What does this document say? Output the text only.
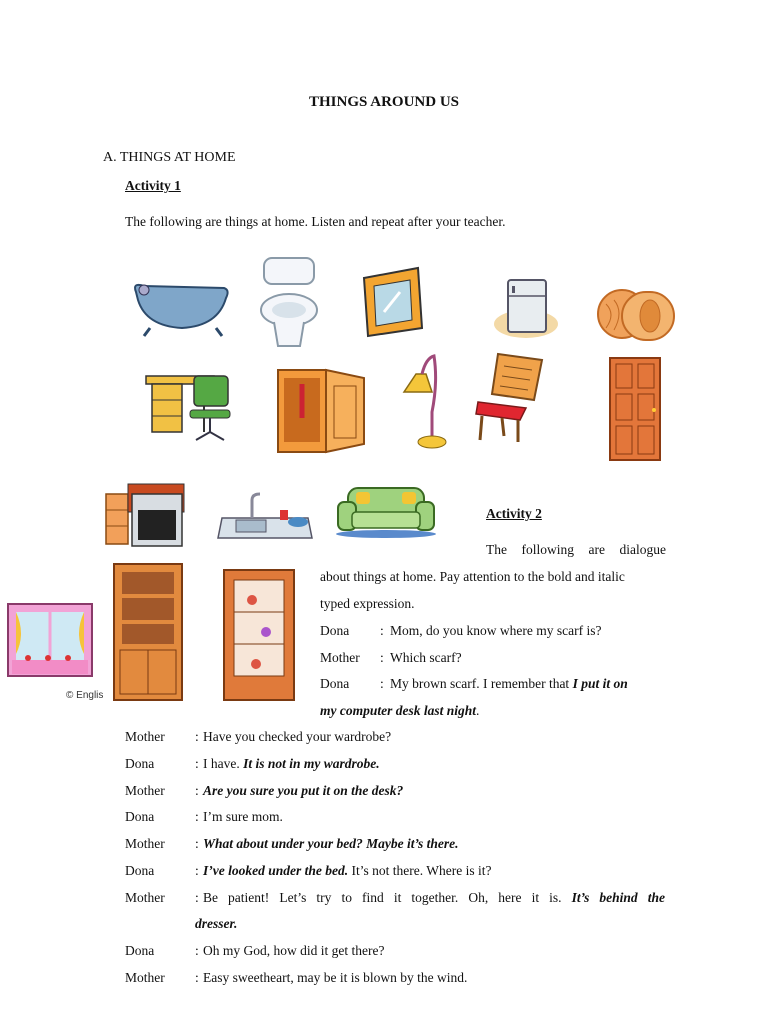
THINGS AROUND US
A. THINGS AT HOME
Activity 1
The following are things at home. Listen and repeat after your teacher.
© Englis
Activity 2
The following are dialogue
about things at home. Pay attention to the bold and italic
typed expression.
Dona : Mom, do you know where my scarf is?
Mother : Which scarf?
Dona : My brown scarf. I remember that I put it on
my computer desk last night.
Mother : Have you checked your wardrobe?
Dona	: I have. It is not in my wardrobe.
Mother : Are you sure you put it on the desk?
Dona	: I’m sure mom.
Mother : What about under your bed? Maybe it’s there.
Dona	: I’ve looked under the bed. It’s not there. Where is it?
Mother : Be patient! Let’s try to find it together. Oh, here it is. It’s behind the
dresser.
Dona	: Oh my God, how did it get there?
Mother : Easy sweetheart, may be it is blown by the wind.
